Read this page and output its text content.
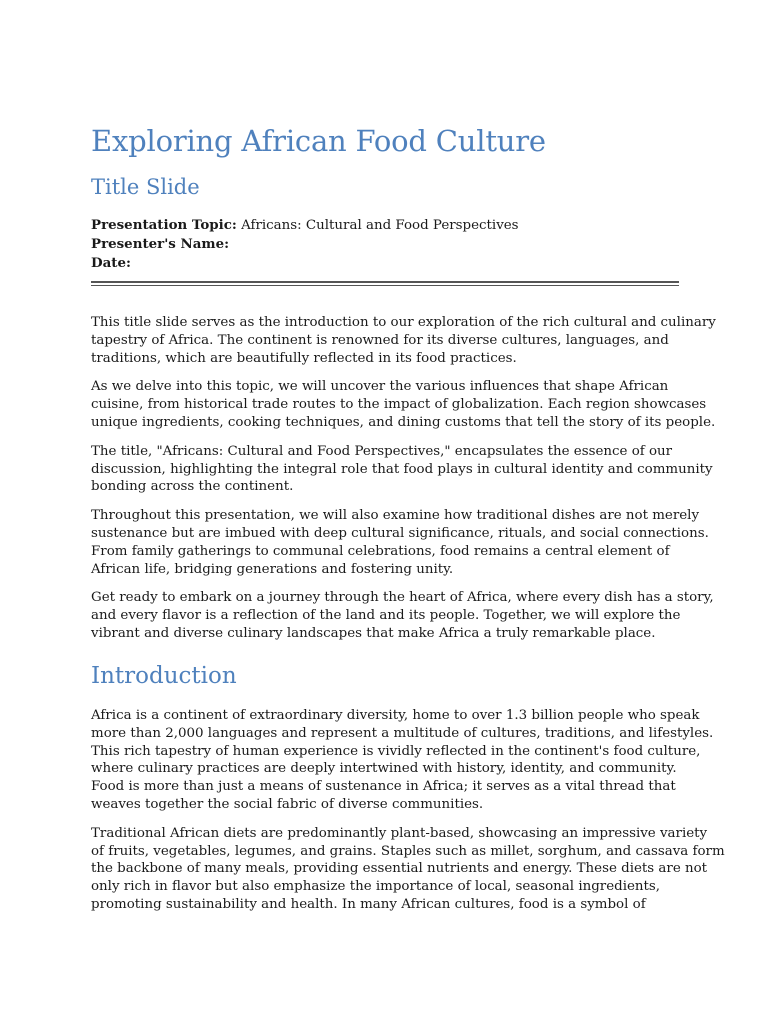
Exploring African Food Culture
Title Slide
Presentation Topic: Africans: Cultural and Food Perspectives
Presenter's Name:
Date:

This title slide serves as the introduction to our exploration of the rich cultural and culinary
tapestry of Africa. The continent is renowned for its diverse cultures, languages, and
traditions, which are beautifully reflected in its food practices.

As we delve into this topic, we will uncover the various influences that shape African
cuisine, from historical trade routes to the impact of globalization. Each region showcases
unique ingredients, cooking techniques, and dining customs that tell the story of its people.

The title, "Africans: Cultural and Food Perspectives," encapsulates the essence of our
discussion, highlighting the integral role that food plays in cultural identity and community
bonding across the continent.

Throughout this presentation, we will also examine how traditional dishes are not merely
sustenance but are imbued with deep cultural significance, rituals, and social connections.
From family gatherings to communal celebrations, food remains a central element of
African life, bridging generations and fostering unity.

Get ready to embark on a journey through the heart of Africa, where every dish has a story,
and every flavor is a reflection of the land and its people. Together, we will explore the
vibrant and diverse culinary landscapes that make Africa a truly remarkable place.

Introduction

Africa is a continent of extraordinary diversity, home to over 1.3 billion people who speak
more than 2,000 languages and represent a multitude of cultures, traditions, and lifestyles.
This rich tapestry of human experience is vividly reflected in the continent's food culture,
where culinary practices are deeply intertwined with history, identity, and community.
Food is more than just a means of sustenance in Africa; it serves as a vital thread that
weaves together the social fabric of diverse communities.

Traditional African diets are predominantly plant-based, showcasing an impressive variety
of fruits, vegetables, legumes, and grains. Staples such as millet, sorghum, and cassava form
the backbone of many meals, providing essential nutrients and energy. These diets are not
only rich in flavor but also emphasize the importance of local, seasonal ingredients,
promoting sustainability and health. In many African cultures, food is a symbol of
